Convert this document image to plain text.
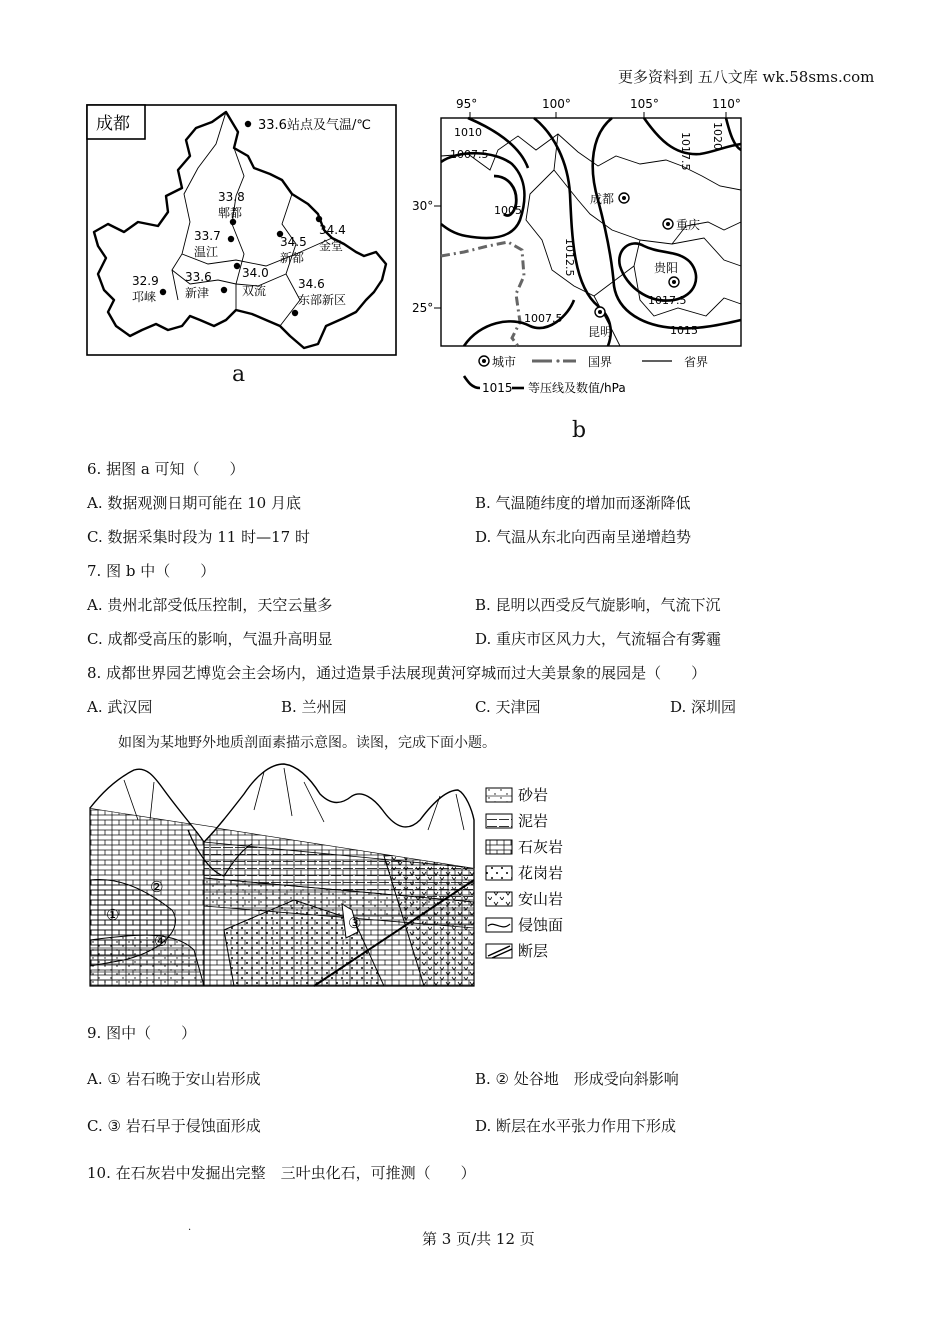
更多资料到 五八文库 wk.58sms.com
成都	33.6站点及气温/℃
33.8
郫都
33.7
温江
34.4
金堂
34.5
新都
34.0
双流
32.9
邛崃
33.6
新津
34.6
东部新区
a
95°	100°	105°	110°
30°
25°
1010
1007.5
1005
1012.5
1017.5 1020
1017.5
1007.5
1015
成都
重庆
贵阳
昆明
城市	国界	省界
1015 等压线及数值/hPa
b
6. 据图 a 可知（　　）
A. 数据观测日期可能在 10 月底	B. 气温随纬度的增加而逐渐降低
C. 数据采集时段为 11 时—17 时	D. 气温从东北向西南呈递增趋势
7. 图 b 中（　　）
A. 贵州北部受低压控制，天空云量多	B. 昆明以西受反气旋影响，气流下沉
C. 成都受高压的影响，气温升高明显	D. 重庆市区风力大，气流辐合有雾霾
8. 成都世界园艺博览会主会场内，通过造景手法展现黄河穿城而过大美景象的展园是（　　）
A. 武汉园	B. 兰州园	C. 天津园	D. 深圳园
如图为某地野外地质剖面素描示意图。读图，完成下面小题。
①
②
③
④
砂岩
泥岩
石灰岩
花岗岩
安山岩
侵蚀面
断层
9. 图中（　　）
A. ① 岩石晚于安山岩形成	B. ② 处谷地　形成受向斜影响
C. ③ 岩石早于侵蚀面形成	D. 断层在水平张力作用下形成
10. 在石灰岩中发掘出完整　三叶虫化石，可推测（　　）
.
第 3 页/共 12 页
